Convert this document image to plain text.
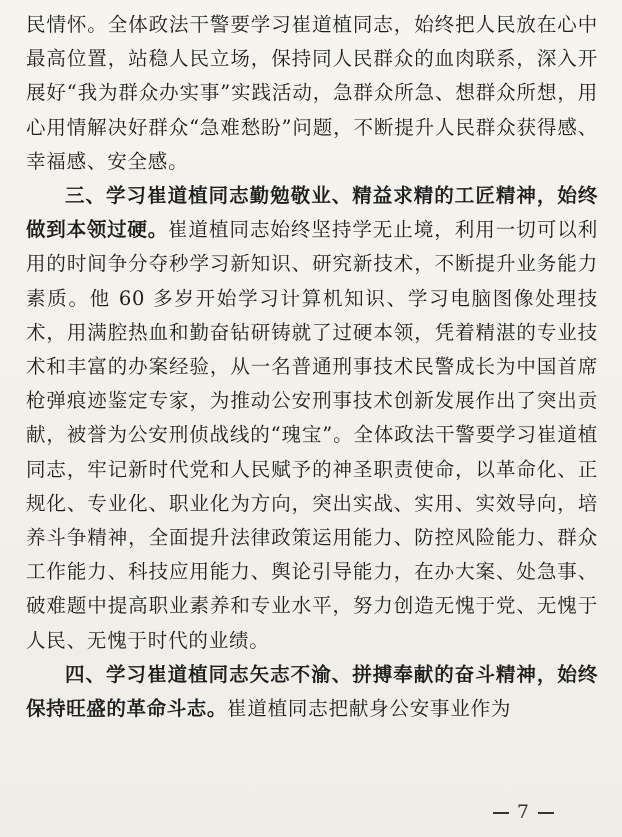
民情怀。全体政法干警要学习崔道植同志，始终把人民放在心中最高位置，站稳人民立场，保持同人民群众的血肉联系，深入开展好“我为群众办实事”实践活动，急群众所急、想群众所想，用心用情解决好群众“急难愁盼”问题，不断提升人民群众获得感、幸福感、安全感。

三、学习崔道植同志勤勉敬业、精益求精的工匠精神，始终做到本领过硬。崔道植同志始终坚持学无止境，利用一切可以利用的时间争分夺秒学习新知识、研究新技术，不断提升业务能力素质。他 60 多岁开始学习计算机知识、学习电脑图像处理技术，用满腔热血和勤奋钻研铸就了过硬本领，凭着精湛的专业技术和丰富的办案经验，从一名普通刑事技术民警成长为中国首席枪弹痕迹鉴定专家，为推动公安刑事技术创新发展作出了突出贡献，被誉为公安刑侦战线的“瑰宝”。全体政法干警要学习崔道植同志，牢记新时代党和人民赋予的神圣职责使命，以革命化、正规化、专业化、职业化为方向，突出实战、实用、实效导向，培养斗争精神，全面提升法律政策运用能力、防控风险能力、群众工作能力、科技应用能力、舆论引导能力，在办大案、处急事、破难题中提高职业素养和专业水平，努力创造无愧于党、无愧于人民、无愧于时代的业绩。

四、学习崔道植同志矢志不渝、拼搏奉献的奋斗精神，始终保持旺盛的革命斗志。崔道植同志把献身公安事业作为

7
